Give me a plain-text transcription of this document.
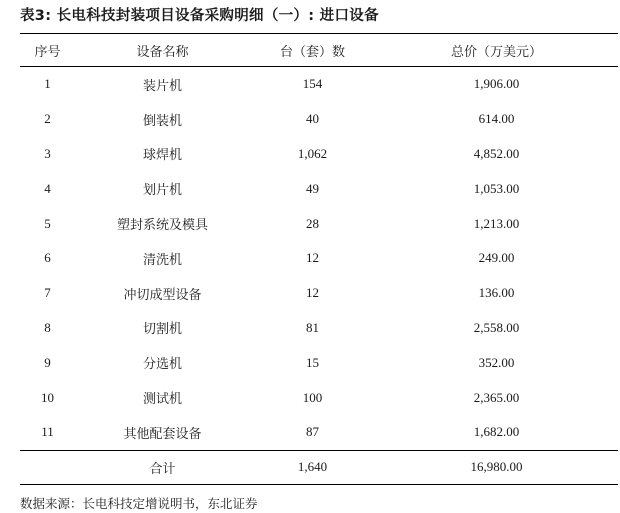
表3: 长电科技封装项目设备采购明细（一）: 进口设备
序号	设备名称	台（套）数	总价（万美元）
1	装片机	154	1,906.00
2	倒装机	40	614.00
3	球焊机	1,062	4,852.00
4	划片机	49	1,053.00
5	塑封系统及模具	28	1,213.00
6	清洗机	12	249.00
7	冲切成型设备	12	136.00
8	切割机	81	2,558.00
9	分选机	15	352.00
10	测试机	100	2,365.00
11	其他配套设备	87	1,682.00
	合计	1,640	16,980.00
数据来源：长电科技定增说明书，东北证券
